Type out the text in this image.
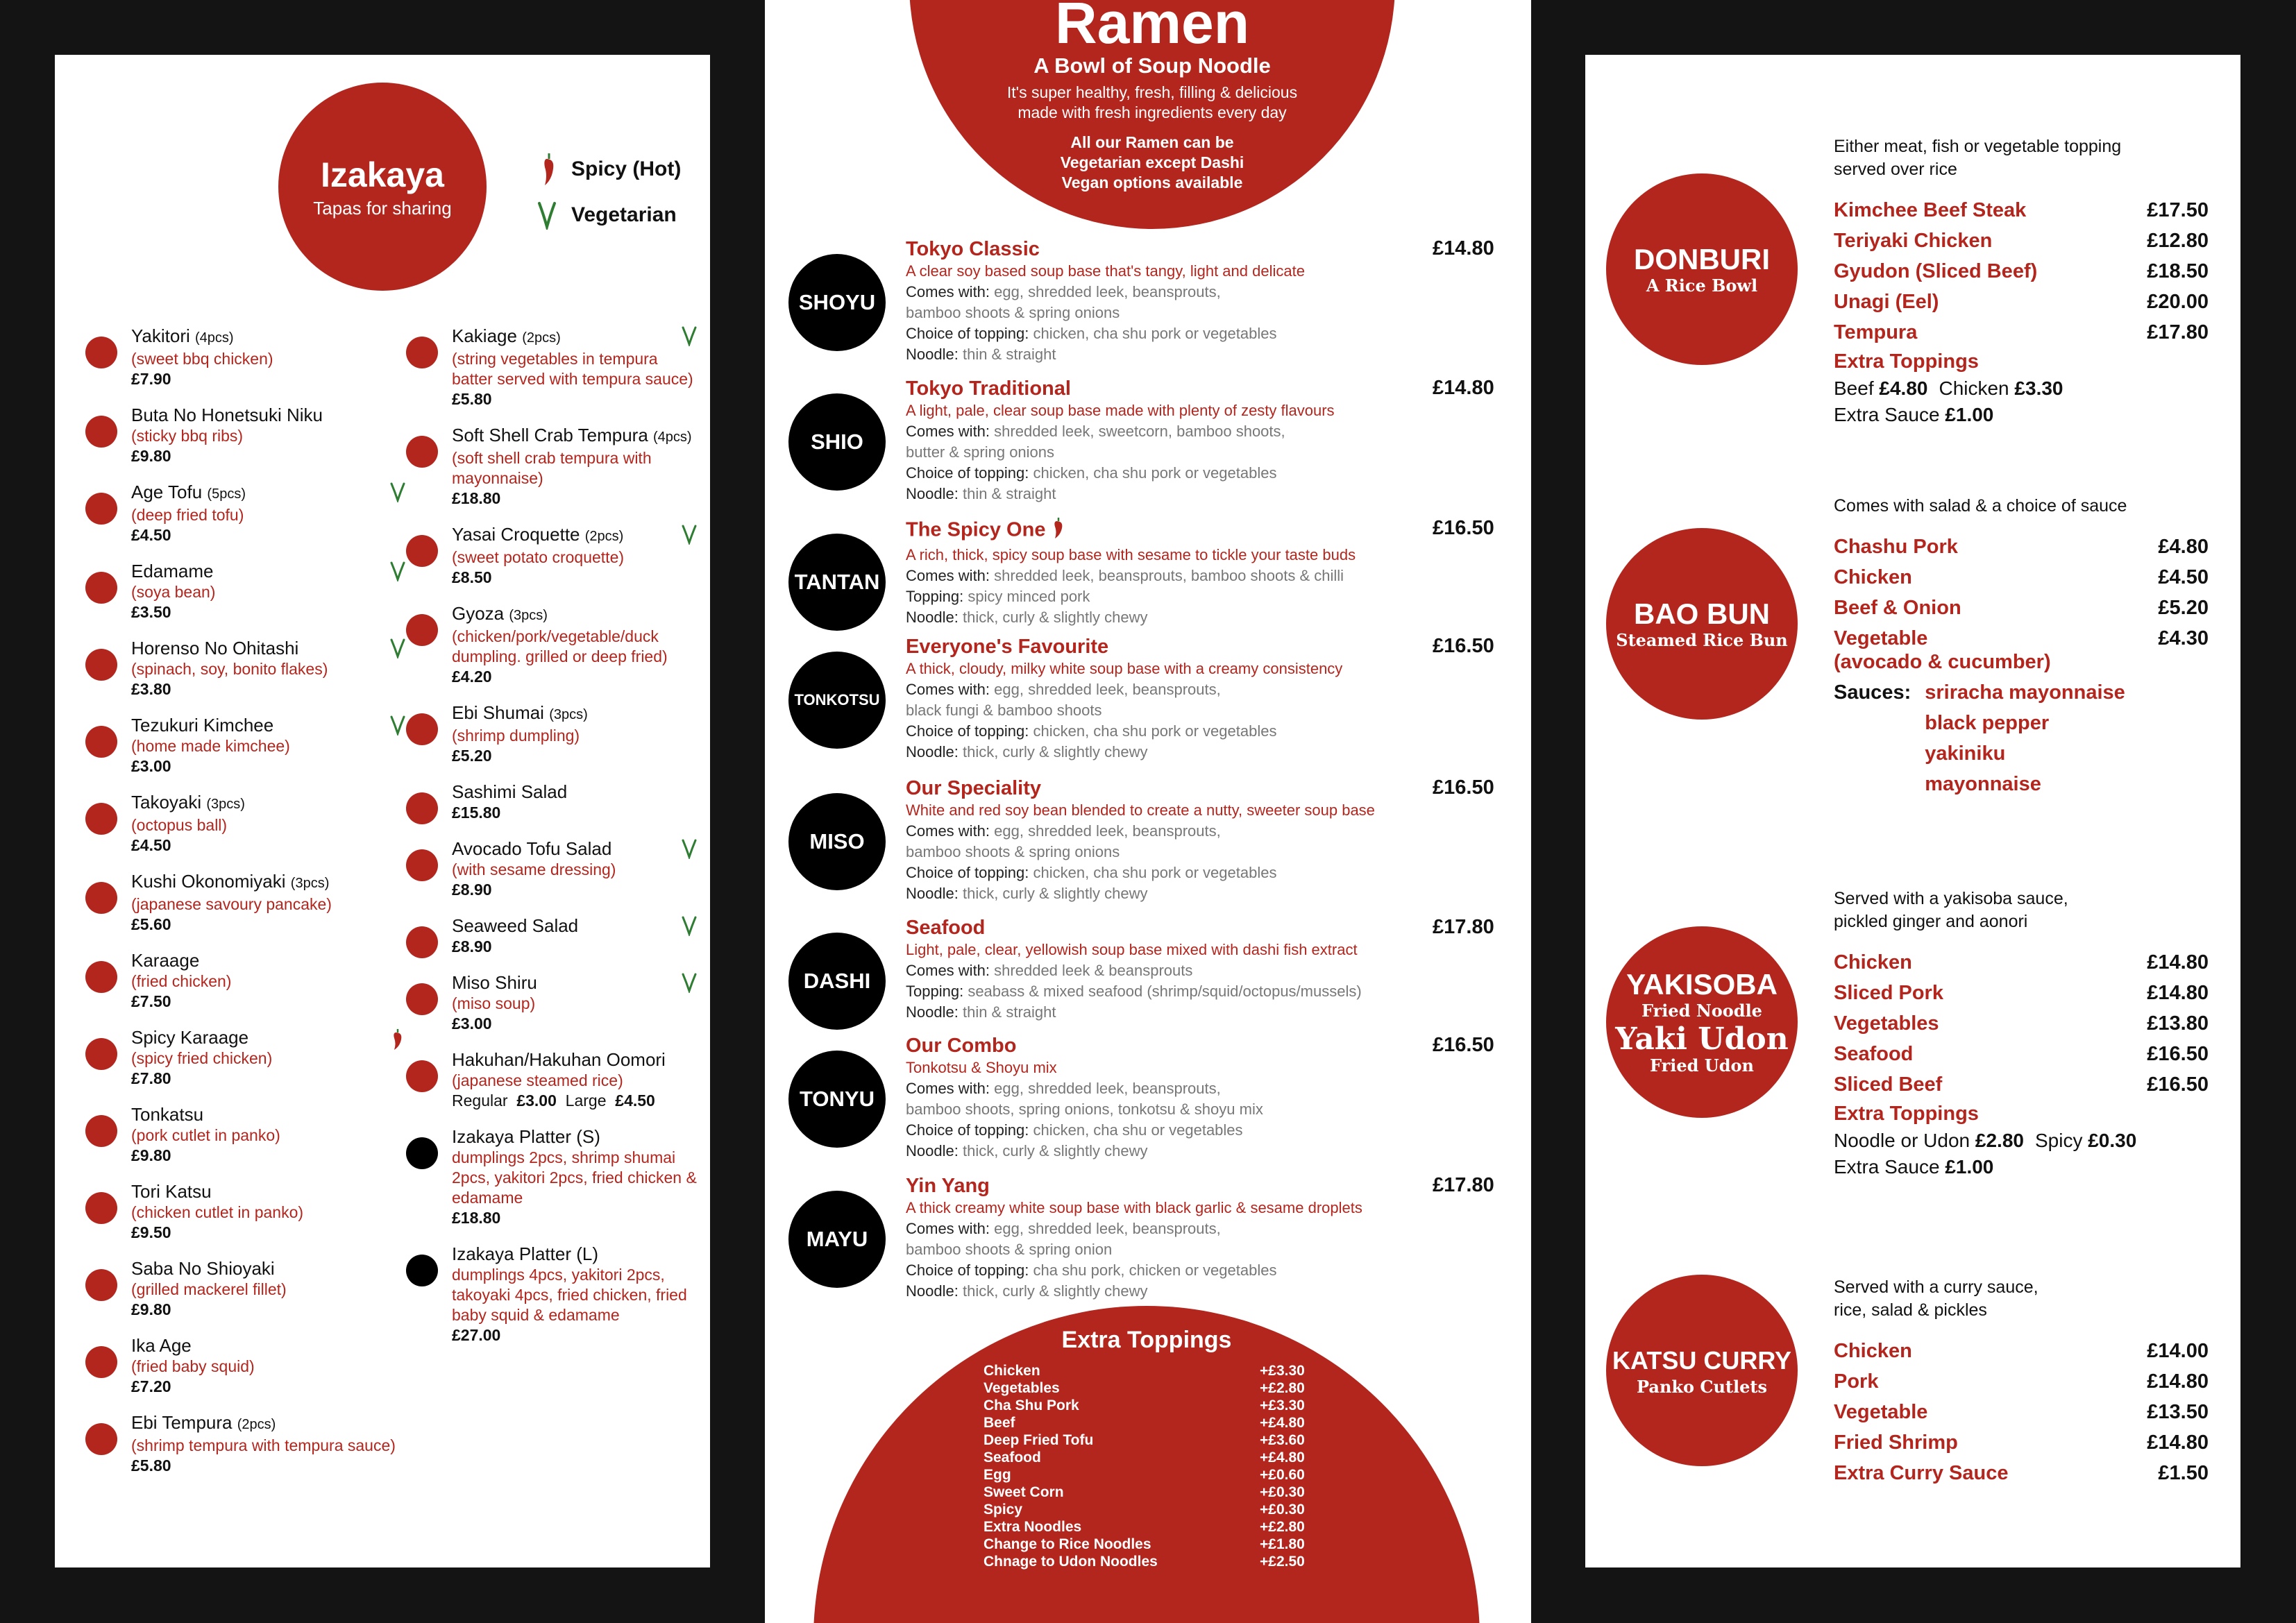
Izakaya
Tapas for sharing
Spicy (Hot)
Vegetarian
Yakitori (4pcs)
(sweet bbq chicken)
£7.90
Buta No Honetsuki Niku
(sticky bbq ribs)
£9.80
Age Tofu (5pcs)
(deep fried tofu)
£4.50
Edamame
(soya bean)
£3.50
Horenso No Ohitashi
(spinach, soy, bonito flakes)
£3.80
Tezukuri Kimchee
(home made kimchee)
£3.00
Takoyaki (3pcs)
(octopus ball)
£4.50
Kushi Okonomiyaki (3pcs)
(japanese savoury pancake)
£5.60
Karaage
(fried chicken)
£7.50
Spicy Karaage
(spicy fried chicken)
£7.80
Tonkatsu
(pork cutlet in panko)
£9.80
Tori Katsu
(chicken cutlet in panko)
£9.50
Saba No Shioyaki
(grilled mackerel fillet)
£9.80
Ika Age
(fried baby squid)
£7.20
Ebi Tempura (2pcs)
(shrimp tempura with tempura sauce)
£5.80
Kakiage (2pcs)
(string vegetables in tempura batter served with tempura sauce)
£5.80
Soft Shell Crab Tempura (4pcs)
(soft shell crab tempura with mayonnaise)
£18.80
Yasai Croquette (2pcs)
(sweet potato croquette)
£8.50
Gyoza (3pcs)
(chicken/pork/vegetable/duck dumpling. grilled or deep fried)
£4.20
Ebi Shumai (3pcs)
(shrimp dumpling)
£5.20
Sashimi Salad
£15.80
Avocado Tofu Salad
(with sesame dressing)
£8.90
Seaweed Salad
£8.90
Miso Shiru
(miso soup)
£3.00
Hakuhan/Hakuhan Oomori
(japanese steamed rice)
Regular £3.00 Large £4.50
Izakaya Platter (S)
dumplings 2pcs, shrimp shumai 2pcs, yakitori 2pcs, fried chicken & edamame
£18.80
Izakaya Platter (L)
dumplings 4pcs, yakitori 2pcs, takoyaki 4pcs, fried chicken, fried baby squid & edamame
£27.00
Ramen
A Bowl of Soup Noodle
It's super healthy, fresh, filling & delicious
made with fresh ingredients every day
All our Ramen can be
Vegetarian except Dashi
Vegan options available
SHOYU
Tokyo Classic
A clear soy based soup base that's tangy, light and delicate
Comes with: egg, shredded leek, beansprouts,
bamboo shoots & spring onions
Choice of topping: chicken, cha shu pork or vegetables
Noodle: thin & straight
£14.80
SHIO
Tokyo Traditional
A light, pale, clear soup base made with plenty of zesty flavours
Comes with: shredded leek, sweetcorn, bamboo shoots,
butter & spring onions
Choice of topping: chicken, cha shu pork or vegetables
Noodle: thin & straight
£14.80
TANTAN
The Spicy One
A rich, thick, spicy soup base with sesame to tickle your taste buds
Comes with: shredded leek, beansprouts, bamboo shoots & chilli
Topping: spicy minced pork
Noodle: thick, curly & slightly chewy
£16.50
TONKOTSU
Everyone's Favourite
A thick, cloudy, milky white soup base with a creamy consistency
Comes with: egg, shredded leek, beansprouts,
black fungi & bamboo shoots
Choice of topping: chicken, cha shu pork or vegetables
Noodle: thick, curly & slightly chewy
£16.50
MISO
Our Speciality
White and red soy bean blended to create a nutty, sweeter soup base
Comes with: egg, shredded leek, beansprouts,
bamboo shoots & spring onions
Choice of topping: chicken, cha shu pork or vegetables
Noodle: thick, curly & slightly chewy
£16.50
DASHI
Seafood
Light, pale, clear, yellowish soup base mixed with dashi fish extract
Comes with: shredded leek & beansprouts
Topping: seabass & mixed seafood (shrimp/squid/octopus/mussels)
Noodle: thin & straight
£17.80
TONYU
Our Combo
Tonkotsu & Shoyu mix
Comes with: egg, shredded leek, beansprouts,
bamboo shoots, spring onions, tonkotsu & shoyu mix
Choice of topping: chicken, cha shu or vegetables
Noodle: thick, curly & slightly chewy
£16.50
MAYU
Yin Yang
A thick creamy white soup base with black garlic & sesame droplets
Comes with: egg, shredded leek, beansprouts,
bamboo shoots & spring onion
Choice of topping: cha shu pork, chicken or vegetables
Noodle: thick, curly & slightly chewy
£17.80
Extra Toppings
Chicken	+£3.30
Vegetables	+£2.80
Cha Shu Pork	+£3.30
Beef	+£4.80
Deep Fried Tofu	+£3.60
Seafood	+£4.80
Egg	+£0.60
Sweet Corn	+£0.30
Spicy	+£0.30
Extra Noodles	+£2.80
Change to Rice Noodles	+£1.80
Chnage to Udon Noodles	+£2.50
DONBURI
A Rice Bowl
Either meat, fish or vegetable topping
served over rice
Kimchee Beef Steak	£17.50
Teriyaki Chicken	£12.80
Gyudon (Sliced Beef)	£18.50
Unagi (Eel)	£20.00
Tempura	£17.80
Extra Toppings
Beef £4.80 Chicken £3.30
Extra Sauce £1.00
BAO BUN
Steamed Rice Bun
Comes with salad & a choice of sauce
Chashu Pork	£4.80
Chicken	£4.50
Beef & Onion	£5.20
Vegetable	£4.30
(avocado & cucumber)
Sauces: sriracha mayonnaise
black pepper
yakiniku
mayonnaise
YAKISOBA
Fried Noodle
Yaki Udon
Fried Udon
Served with a yakisoba sauce,
pickled ginger and aonori
Chicken	£14.80
Sliced Pork	£14.80
Vegetables	£13.80
Seafood	£16.50
Sliced Beef	£16.50
Extra Toppings
Noodle or Udon £2.80 Spicy £0.30
Extra Sauce £1.00
KATSU CURRY
Panko Cutlets
Served with a curry sauce,
rice, salad & pickles
Chicken	£14.00
Pork	£14.80
Vegetable	£13.50
Fried Shrimp	£14.80
Extra Curry Sauce	£1.50
